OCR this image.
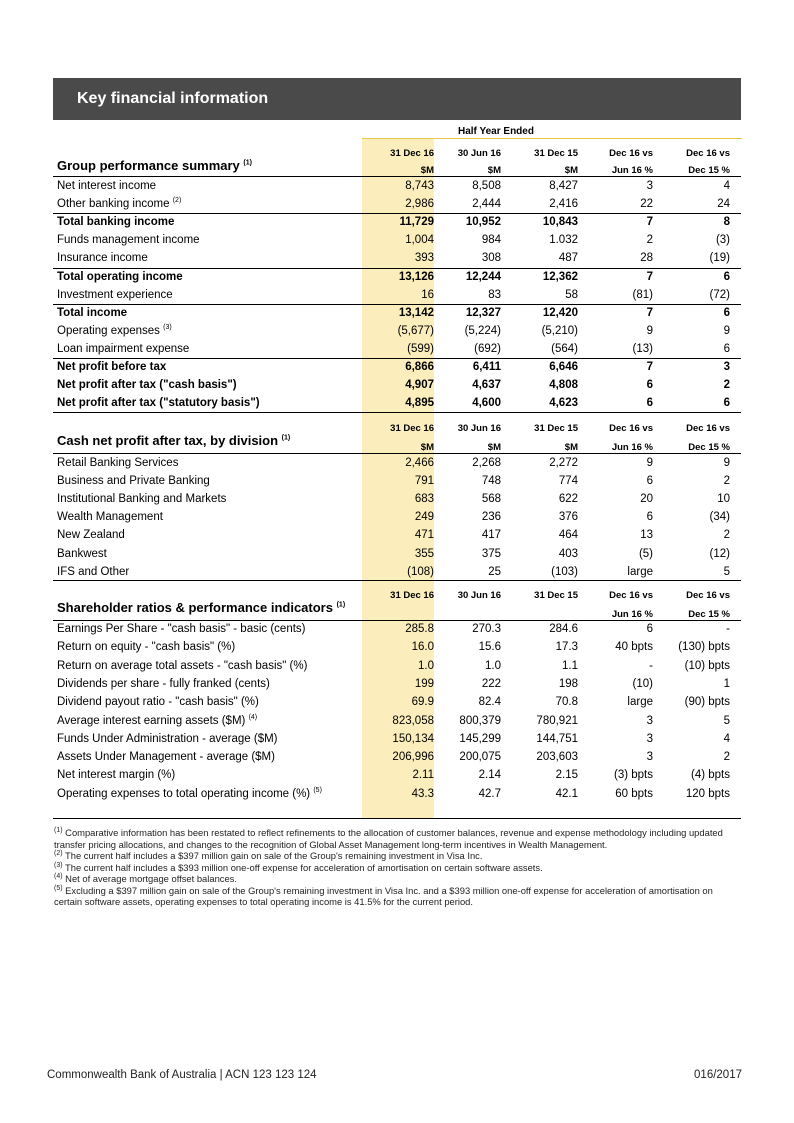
Key financial information
Half Year Ended
31 Dec 16 30 Jun 16	31 Dec 15	Dec 16 vs	Dec 16 vs
$M	$M	$M	Jun 16 %	Dec 15 %
Group performance summary $^{(1)}$
Net interest income	8,743	8,508	8,427	3	4
Other banking income $^{(2)}$	2,986	2,444	2,416	22	24
Total banking income	11,729	10,952	10,843	7	8
Funds management income	1,004	984	1.032	2	(3)
Insurance income	393	308	487	28	(19)
Total operating income	13,126	12,244	12,362	7	6
Investment experience	16	83	58	(81)	(72)
Total income	13,142	12,327	12,420	7	6
Operating expenses $^{(3)}$	(5,677)	(5,224)	(5,210)	9	9
Loan impairment expense	(599)	(692)	(564)	(13)	6
Net profit before tax	6,866	6,411	6,646	7	3
Net profit after tax ("cash basis")	4,907	4,637	4,808	6	2
Net profit after tax ("statutory basis")	4,895	4,600	4,623	6	6
31 Dec 16 30 Jun 16	31 Dec 15	Dec 16 vs	Dec 16 vs
$M	$M	$M	Jun 16 %	Dec 15 %
Cash net profit after tax, by division $^{(1)}$
Retail Banking Services	2,466	2,268	2,272	9	9
Business and Private Banking	791	748	774	6	2
Institutional Banking and Markets	683	568	622	20	10
Wealth Management	249	236	376	6	(34)
New Zealand	471	417	464	13	2
Bankwest	355	375	403	(5)	(12)
IFS and Other	(108)	25	(103)	large	5
31 Dec 16 30 Jun 16	31 Dec 15	Dec 16 vs	Dec 16 vs
Jun 16 %	Dec 15 %
Shareholder ratios & performance indicators $^{(1)}$
Earnings Per Share - "cash basis" - basic (cents)	285.8	270.3	284.6	6	-
Return on equity - "cash basis" (%)	16.0	15.6	17.3	40 bpts (130) bpts
Return on average total assets - "cash basis" (%)	1.0	1.0	1.1	-	(10) bpts
Dividends per share - fully franked (cents)	199	222	198	(10)	1
Dividend payout ratio - "cash basis" (%)	69.9	82.4	70.8	large	(90) bpts
Average interest earning assets ($M) $^{(4)}$	823,058 800,379	780,921	3	5
Funds Under Administration - average ($M)	150,134 145,299	144,751	3	4
Assets Under Management - average ($M)	206,996 200,075	203,603	3	2
Net interest margin (%)	2.11	2.14	2.15	(3) bpts	(4) bpts
Operating expenses to total operating income (%) $^{(5)}$	43.3	42.7	42.1	60 bpts	120 bpts
$^{(1)}$ Comparative information has been restated to reflect refinements to the allocation of customer balances, revenue and expense methodology including updated transfer pricing allocations, and changes to the recognition of Global Asset Management long-term incentives in Wealth Management.
$^{(2)}$ The current half includes a $397 million gain on sale of the Group's remaining investment in Visa Inc.
$^{(3)}$ The current half includes a $393 million one-off expense for acceleration of amortisation on certain software assets.
$^{(4)}$ Net of average mortgage offset balances.
$^{(5)}$ Excluding a $397 million gain on sale of the Group's remaining investment in Visa Inc. and a $393 million one-off expense for acceleration of amortisation on certain software assets, operating expenses to total operating income is 41.5% for the current period.
Commonwealth Bank of Australia | ACN 123 123 124	016/2017
